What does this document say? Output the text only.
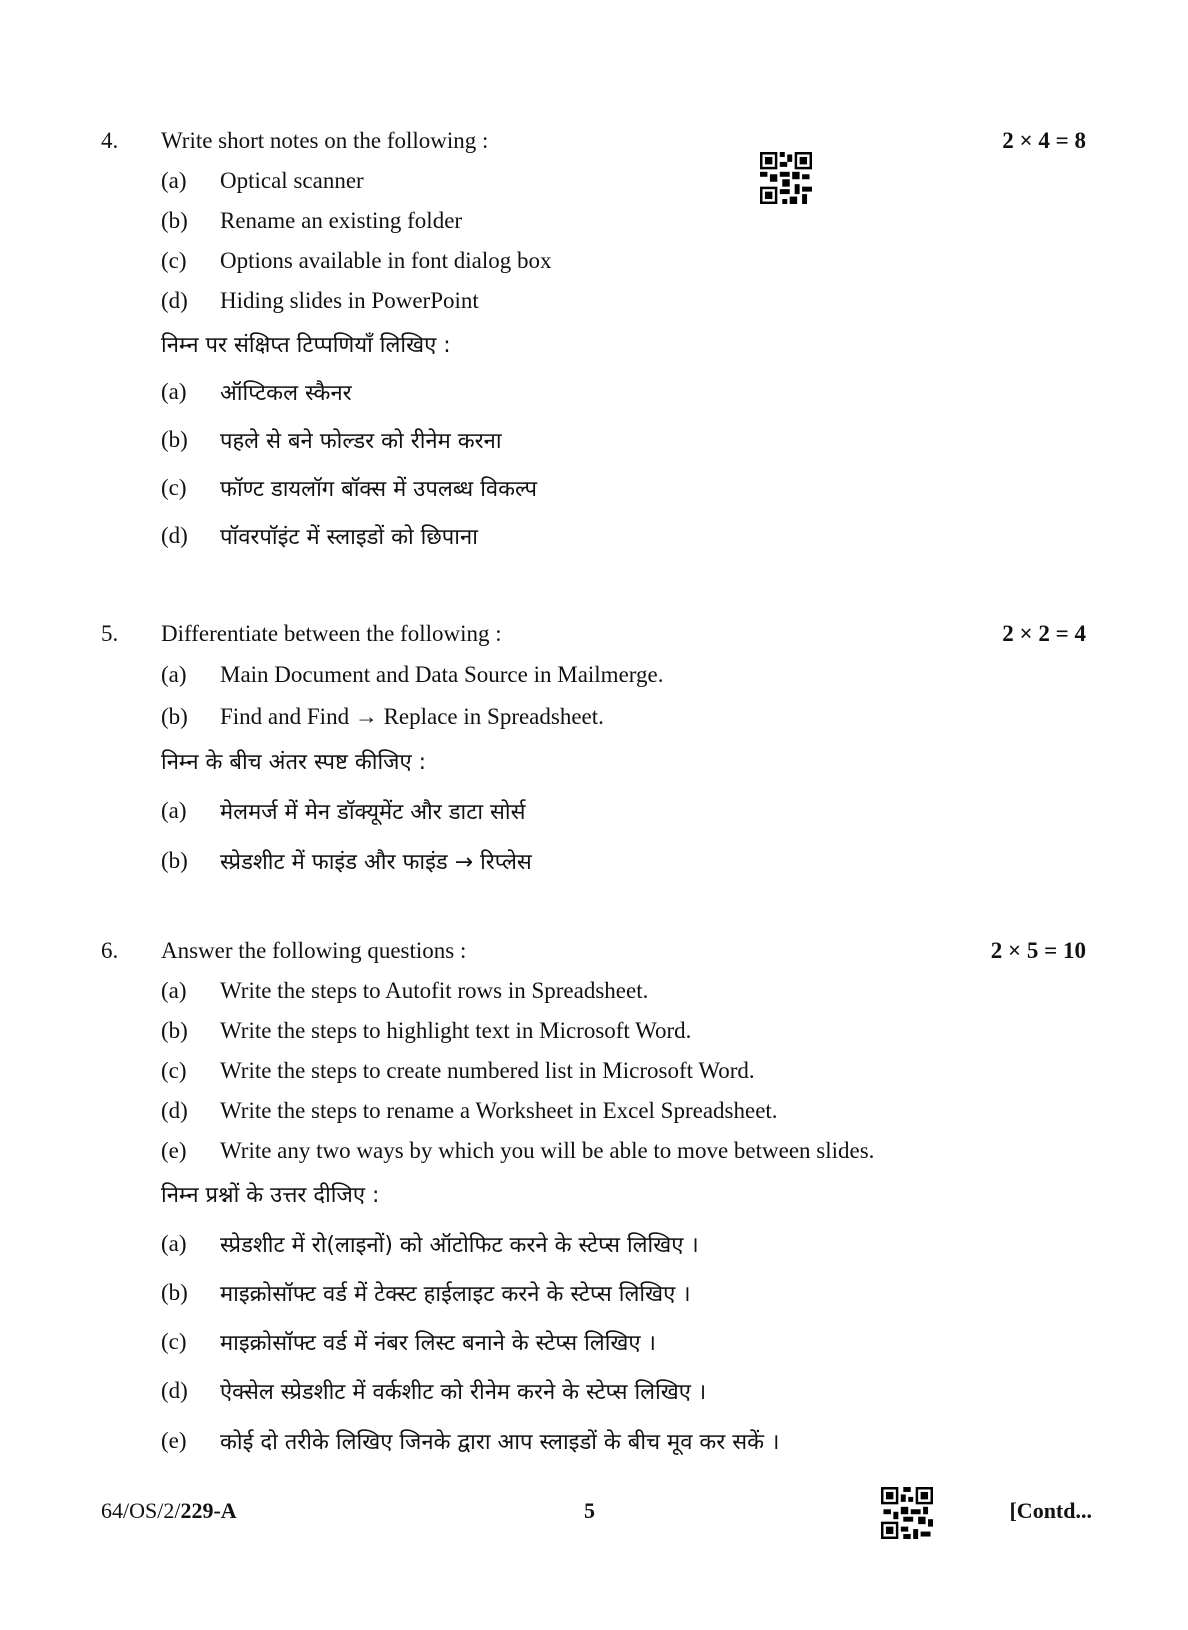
4. Write short notes on the following :	2 × 4 = 8
(a) Optical scanner
(b) Rename an existing folder
(c) Options available in font dialog box
(d) Hiding slides in PowerPoint
निम्न पर संक्षिप्त टिप्पणियाँ लिखिए :
(a) ऑप्टिकल स्कैनर
(b) पहले से बने फोल्डर को रीनेम करना
(c) फॉण्ट डायलॉग बॉक्स में उपलब्ध विकल्प
(d) पॉवरपॉइंट में स्लाइडों को छिपाना
5. Differentiate between the following :	2 × 2 = 4
(a) Main Document and Data Source in Mailmerge.
(b) Find and Find → Replace in Spreadsheet.
निम्न के बीच अंतर स्पष्ट कीजिए :
(a) मेलमर्ज में मेन डॉक्यूमेंट और डाटा सोर्स
(b) स्प्रेडशीट में फाइंड और फाइंड → रिप्लेस
6. Answer the following questions :	2 × 5 = 10
(a) Write the steps to Autofit rows in Spreadsheet.
(b) Write the steps to highlight text in Microsoft Word.
(c) Write the steps to create numbered list in Microsoft Word.
(d) Write the steps to rename a Worksheet in Excel Spreadsheet.
(e) Write any two ways by which you will be able to move between slides.
निम्न प्रश्नों के उत्तर दीजिए :
(a) स्प्रेडशीट में रो(लाइनों) को ऑटोफिट करने के स्टेप्स लिखिए ।
(b) माइक्रोसॉफ्ट वर्ड में टेक्स्ट हाईलाइट करने के स्टेप्स लिखिए ।
(c) माइक्रोसॉफ्ट वर्ड में नंबर लिस्ट बनाने के स्टेप्स लिखिए ।
(d) ऐक्सेल स्प्रेडशीट में वर्कशीट को रीनेम करने के स्टेप्स लिखिए ।
(e) कोई दो तरीके लिखिए जिनके द्वारा आप स्लाइडों के बीच मूव कर सकें ।
64/OS/2/229-A	5	[Contd...
